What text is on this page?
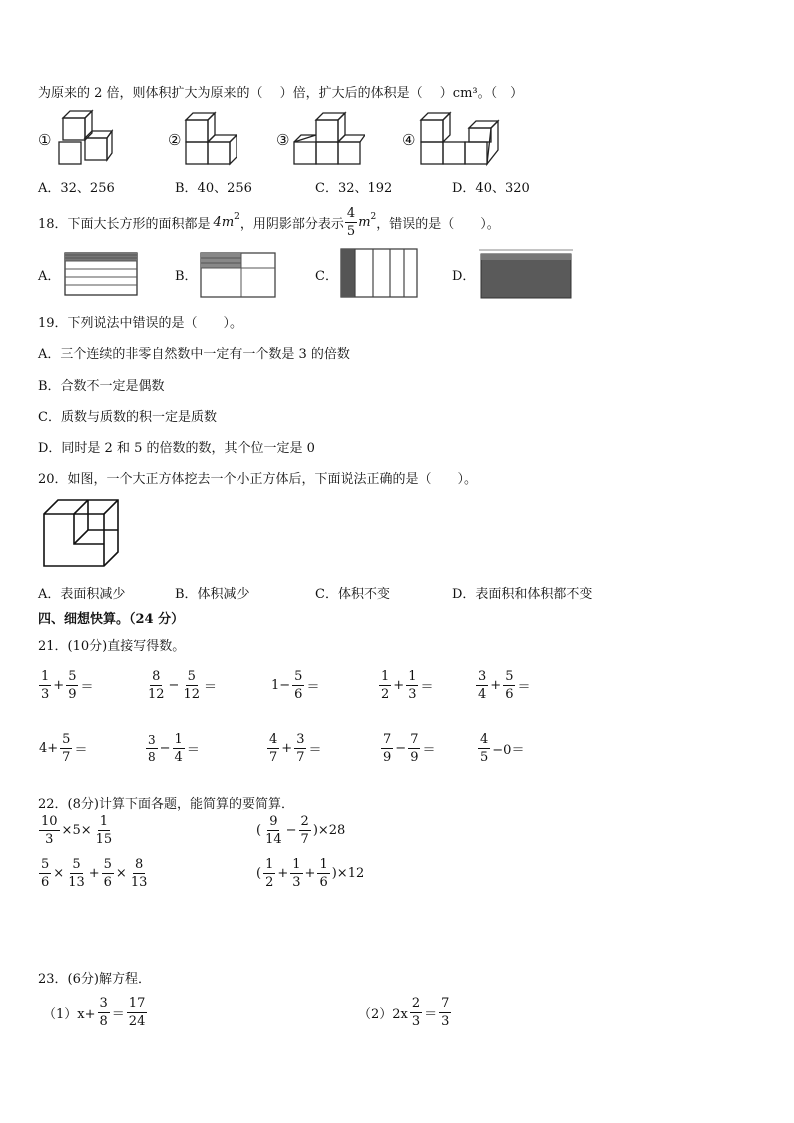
为原来的 2 倍，则体积扩大为原来的（　 ）倍，扩大后的体积是（　 ）cm³。（　）
①	②	③	④
A．32、256	B．40、256	C．32、192	D．40、320
18．下面大长方形的面积都是 4 $m^2$ ，用阴影部分表示 $\frac{4}{5} m^2$ ，错误的是（　　）。
A．	B．	C．	D．
19．下列说法中错误的是（　　）。
A．三个连续的非零自然数中一定有一个数是 3 的倍数
B．合数不一定是偶数
C．质数与质数的积一定是质数
D．同时是 2 和 5 的倍数的数，其个位一定是 0
20．如图，一个大正方体挖去一个小正方体后，下面说法正确的是（　　）。
A．表面积减少	B．体积减少	C．体积不变	D．表面积和体积都不变
四、细想快算。（24 分）
21．(10分)直接写得数。
$\frac{1}{3} + \frac{5}{9}$ ＝	$\frac{8}{12} - \frac{5}{12}$ ＝	$1- \frac{5}{6}$ ＝	$\frac{1}{2} + \frac{1}{3}$ ＝	$\frac{3}{4} + \frac{5}{6}$ ＝
$4+ \frac{5}{7}$ ＝	$\frac{3}{8} - \frac{1}{4}$ ＝	$\frac{4}{7} + \frac{3}{7}$ ＝	$\frac{7}{9} - \frac{7}{9}$ ＝	$\frac{4}{5} -0=$
22．(8分)计算下面各题，能简算的要简算．
$\frac{10}{3} \times 5\times \frac{1}{15}$	( $\frac{9}{14} - \frac{2}{7} )\times 28$
$\frac{5}{6} \times \frac{5}{13} + \frac{5}{6} \times \frac{8}{13}$	( $\frac{1}{2} + \frac{1}{3} + \frac{1}{6} )\times 12$
23．(6分)解方程．
$(1)x+ \frac{3}{8} = \frac{17}{24}$	$(2)2x \frac{2}{3} = \frac{7}{3}$
